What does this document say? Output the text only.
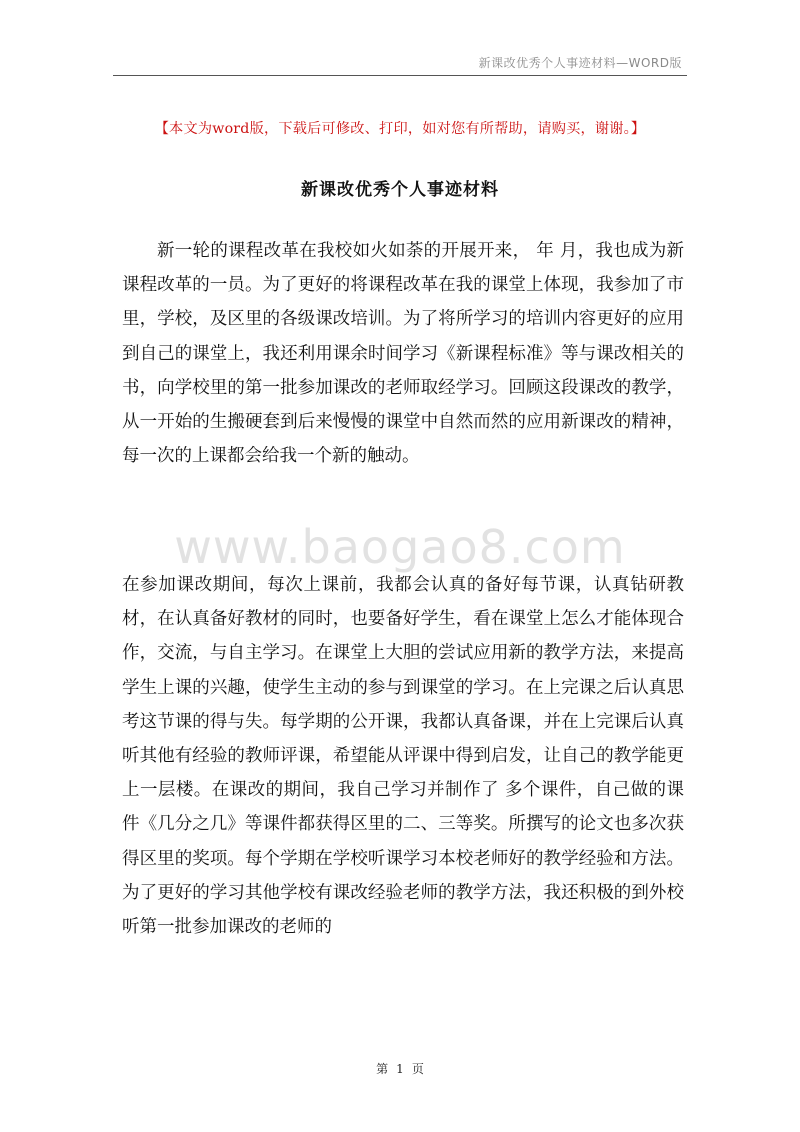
新课改优秀个人事迹材料—WORD版
【本文为word版，下载后可修改、打印，如对您有所帮助，请购买，谢谢。】
新课改优秀个人事迹材料
新一轮的课程改革在我校如火如荼的开展开来， 年 月，我也成为新课程改革的一员。为了更好的将课程改革在我的课堂上体现，我参加了市里，学校，及区里的各级课改培训。为了将所学习的培训内容更好的应用到自己的课堂上，我还利用课余时间学习《新课程标准》等与课改相关的书，向学校里的第一批参加课改的老师取经学习。回顾这段课改的教学，从一开始的生搬硬套到后来慢慢的课堂中自然而然的应用新课改的精神，每一次的上课都会给我一个新的触动。
www.baogao8.com
在参加课改期间，每次上课前，我都会认真的备好每节课，认真钻研教材，在认真备好教材的同时，也要备好学生，看在课堂上怎么才能体现合作，交流，与自主学习。在课堂上大胆的尝试应用新的教学方法，来提高学生上课的兴趣，使学生主动的参与到课堂的学习。在上完课之后认真思考这节课的得与失。每学期的公开课，我都认真备课，并在上完课后认真听其他有经验的教师评课，希望能从评课中得到启发，让自己的教学能更上一层楼。在课改的期间，我自己学习并制作了 多个课件，自己做的课件《几分之几》等课件都获得区里的二、三等奖。所撰写的论文也多次获得区里的奖项。每个学期在学校听课学习本校老师好的教学经验和方法。为了更好的学习其他学校有课改经验老师的教学方法，我还积极的到外校听第一批参加课改的老师的
第 1 页
